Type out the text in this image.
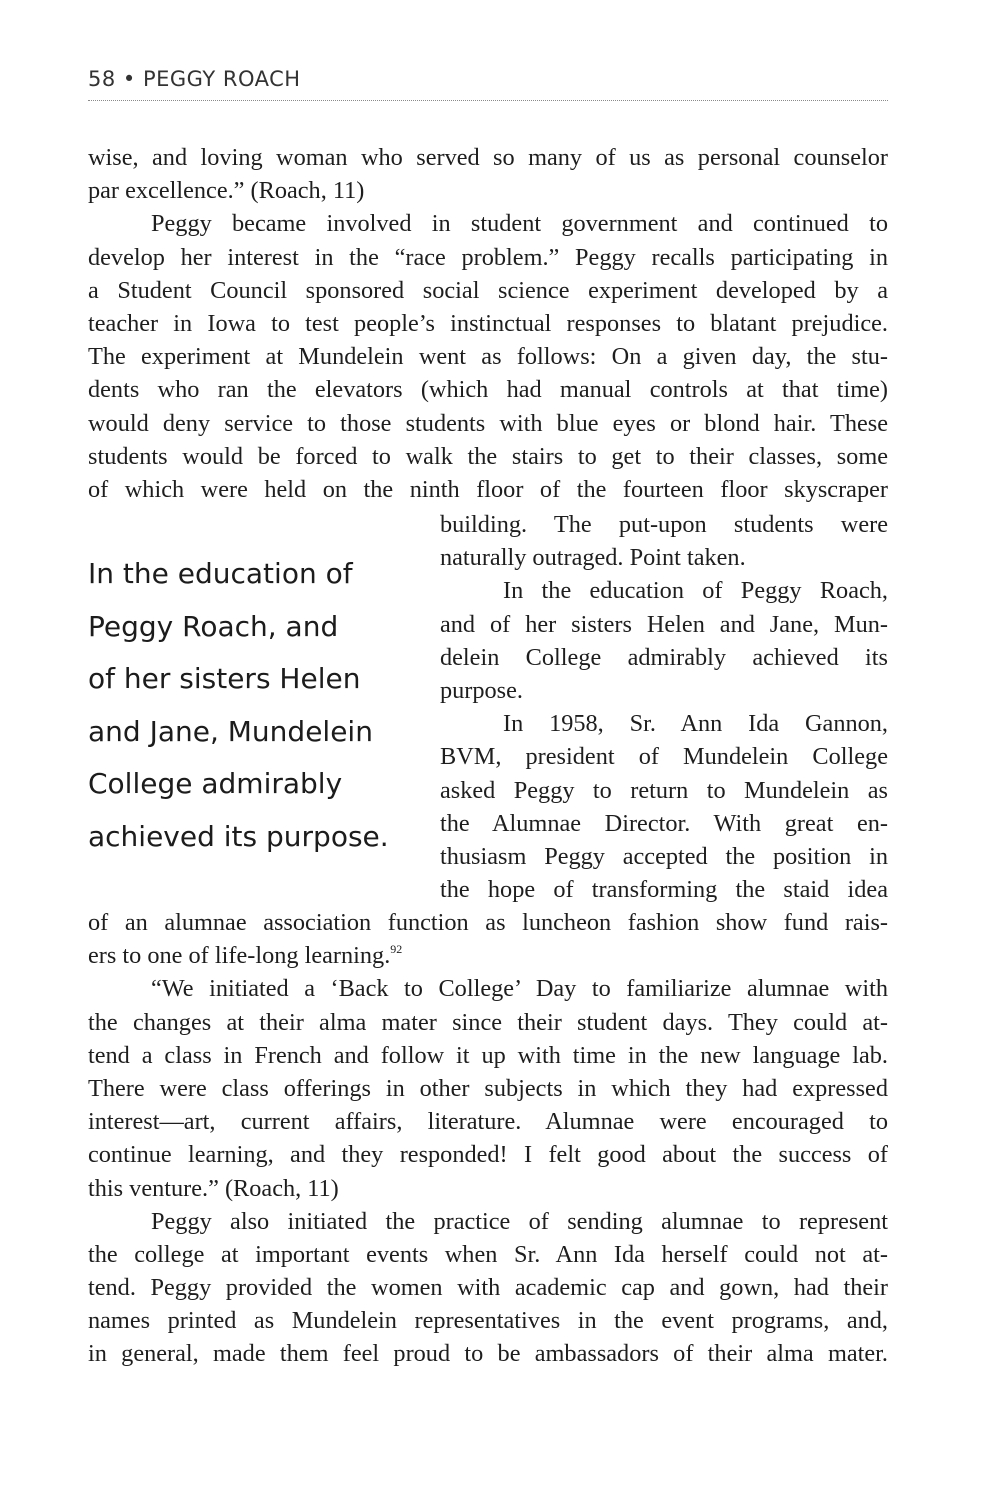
58 • PEGGY ROACH
wise, and loving woman who served so many of us as personal counselor
par excellence.” (Roach, 11)
Peggy became involved in student government and continued to
develop her interest in the “race problem.” Peggy recalls participating in
a Student Council sponsored social science experiment developed by a
teacher in Iowa to test people’s instinctual responses to blatant prejudice.
The experiment at Mundelein went as follows: On a given day, the stu-
dents who ran the elevators (which had manual controls at that time)
would deny service to those students with blue eyes or blond hair. These
students would be forced to walk the stairs to get to their classes, some
of which were held on the ninth floor of the fourteen floor skyscraper
In the education of
Peggy Roach, and
of her sisters Helen
and Jane, Mundelein
College admirably
achieved its purpose.
building. The put-upon students were
naturally outraged. Point taken.
In the education of Peggy Roach,
and of her sisters Helen and Jane, Mun-
delein College admirably achieved its
purpose.
In 1958, Sr. Ann Ida Gannon,
BVM, president of Mundelein College
asked Peggy to return to Mundelein as
the Alumnae Director. With great en-
thusiasm Peggy accepted the position in
the hope of transforming the staid idea
of an alumnae association function as luncheon fashion show fund rais-
ers to one of life-long learning.$^{92}$
“We initiated a ‘Back to College’ Day to familiarize alumnae with
the changes at their alma mater since their student days. They could at-
tend a class in French and follow it up with time in the new language lab.
There were class offerings in other subjects in which they had expressed
interest—art, current affairs, literature. Alumnae were encouraged to
continue learning, and they responded! I felt good about the success of
this venture.” (Roach, 11)
Peggy also initiated the practice of sending alumnae to represent
the college at important events when Sr. Ann Ida herself could not at-
tend. Peggy provided the women with academic cap and gown, had their
names printed as Mundelein representatives in the event programs, and,
in general, made them feel proud to be ambassadors of their alma mater.
